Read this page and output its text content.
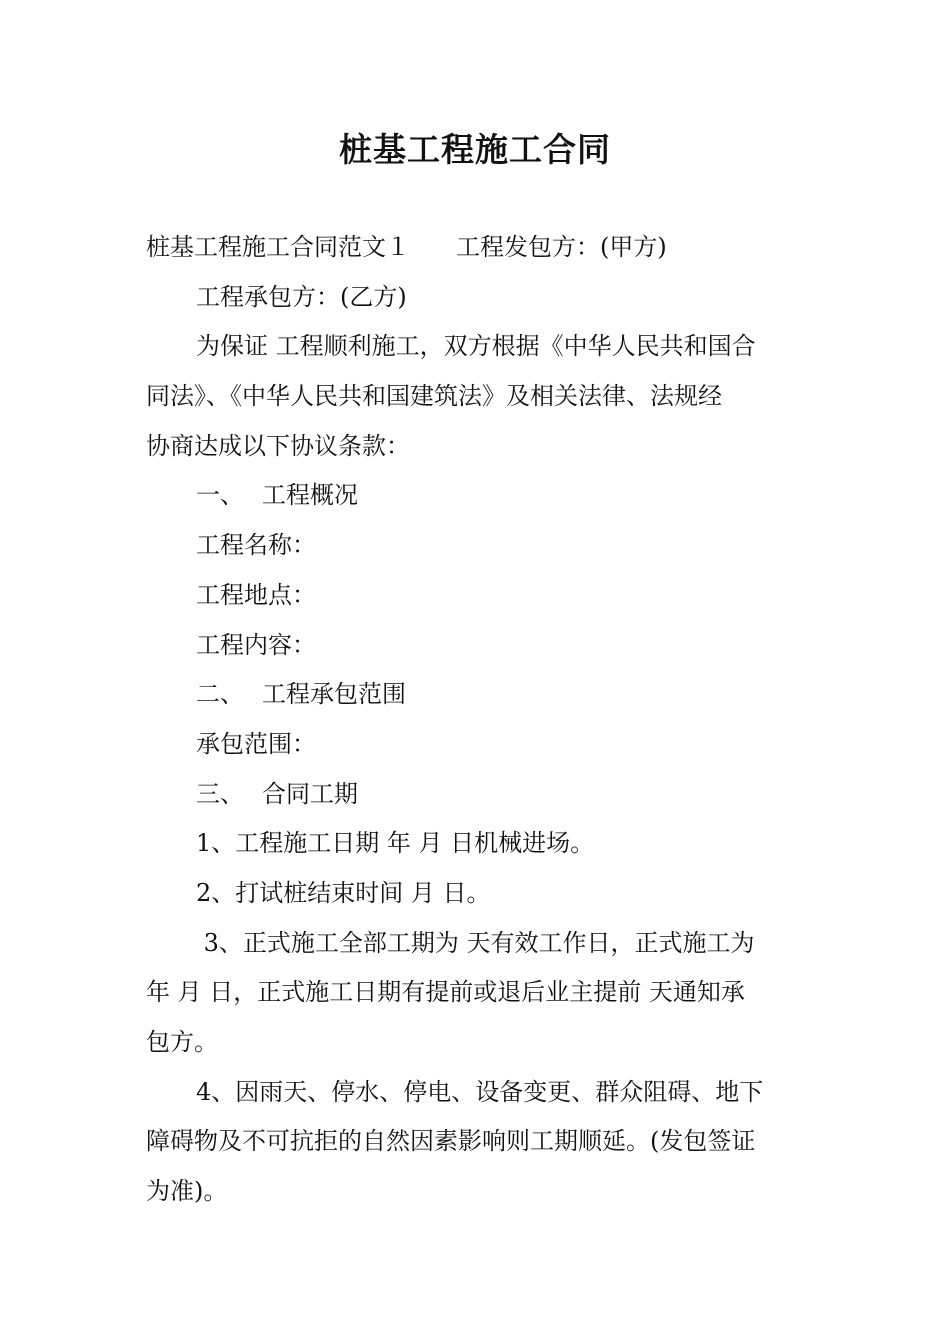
桩基工程施工合同
桩基工程施工合同范文１ 工程发包方：(甲方)
工程承包方：(乙方)
为保证 工程顺利施工，双方根据《中华人民共和国合
同法》、《中华人民共和国建筑法》及相关法律、法规经
协商达成以下协议条款：
一、 工程概况
工程名称：
工程地点：
工程内容：
二、 工程承包范围
承包范围：
三、 合同工期
1、工程施工日期 年 月 日机械进场。
2、打试桩结束时间 月 日。
3、正式施工全部工期为 天有效工作日，正式施工为
年 月 日，正式施工日期有提前或退后业主提前 天通知承
包方。
4、因雨天、停水、停电、设备变更、群众阻碍、地下
障碍物及不可抗拒的自然因素影响则工期顺延。(发包签证
为准)。
